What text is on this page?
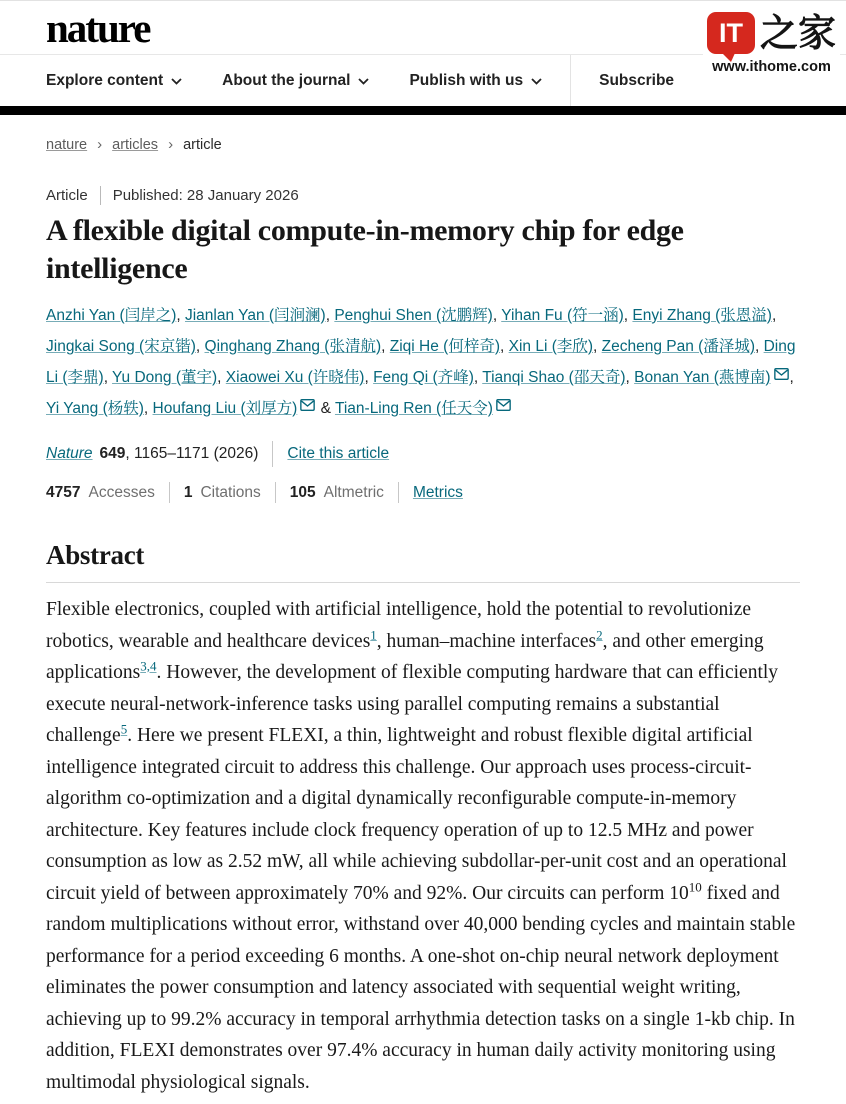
IT 之家
www.ithome.com
nature
Explore content	About the journal	Publish with us	Subscribe
nature › articles › article
Article Published: 28 January 2026
A flexible digital compute-in-memory chip for edge intelligence

Anzhi Yan (闫岸之), Jianlan Yan (闫涧澜), Penghui Shen (沈鹏辉), Yihan Fu (符一涵), Enyi Zhang (张恩溢), Jingkai Song (宋京锴), Qinghang Zhang (张清航), Ziqi He (何梓奇), Xin Li (李欣), Zecheng Pan (潘泽城), Ding Li (李鼎), Yu Dong (董宇), Xiaowei Xu (许晓伟), Feng Qi (齐峰), Tianqi Shao (邵天奇), Bonan Yan (燕博南) , Yi Yang (杨轶), Houfang Liu (刘厚方) & Tian-Ling Ren (任天令)

Nature 649 , 1165–1171 (2026) Cite this article
4757 Accesses 1 Citations 105 Altmetric Metrics
Abstract

Flexible electronics, coupled with artificial intelligence, hold the potential to revolutionize robotics, wearable and healthcare devices$^1$, human–machine interfaces$^2$, and other emerging applications$^{3,4}$. However, the development of flexible computing hardware that can efficiently execute neural-network-inference tasks using parallel computing remains a substantial challenge$^5$. Here we present FLEXI, a thin, lightweight and robust flexible digital artificial intelligence integrated circuit to address this challenge. Our approach uses process-circuit-algorithm co-optimization and a digital dynamically reconfigurable compute-in-memory architecture. Key features include clock frequency operation of up to 12.5 MHz and power consumption as low as 2.52 mW, all while achieving subdollar-per-unit cost and an operational circuit yield of between approximately 70% and 92%. Our circuits can perform $10^{10}$ fixed and random multiplications without error, withstand over 40,000 bending cycles and maintain stable performance for a period exceeding 6 months. A one-shot on-chip neural network deployment eliminates the power consumption and latency associated with sequential weight writing, achieving up to 99.2% accuracy in temporal arrhythmia detection tasks on a single 1-kb chip. In addition, FLEXI demonstrates over 97.4% accuracy in human daily activity monitoring using multimodal physiological signals.
